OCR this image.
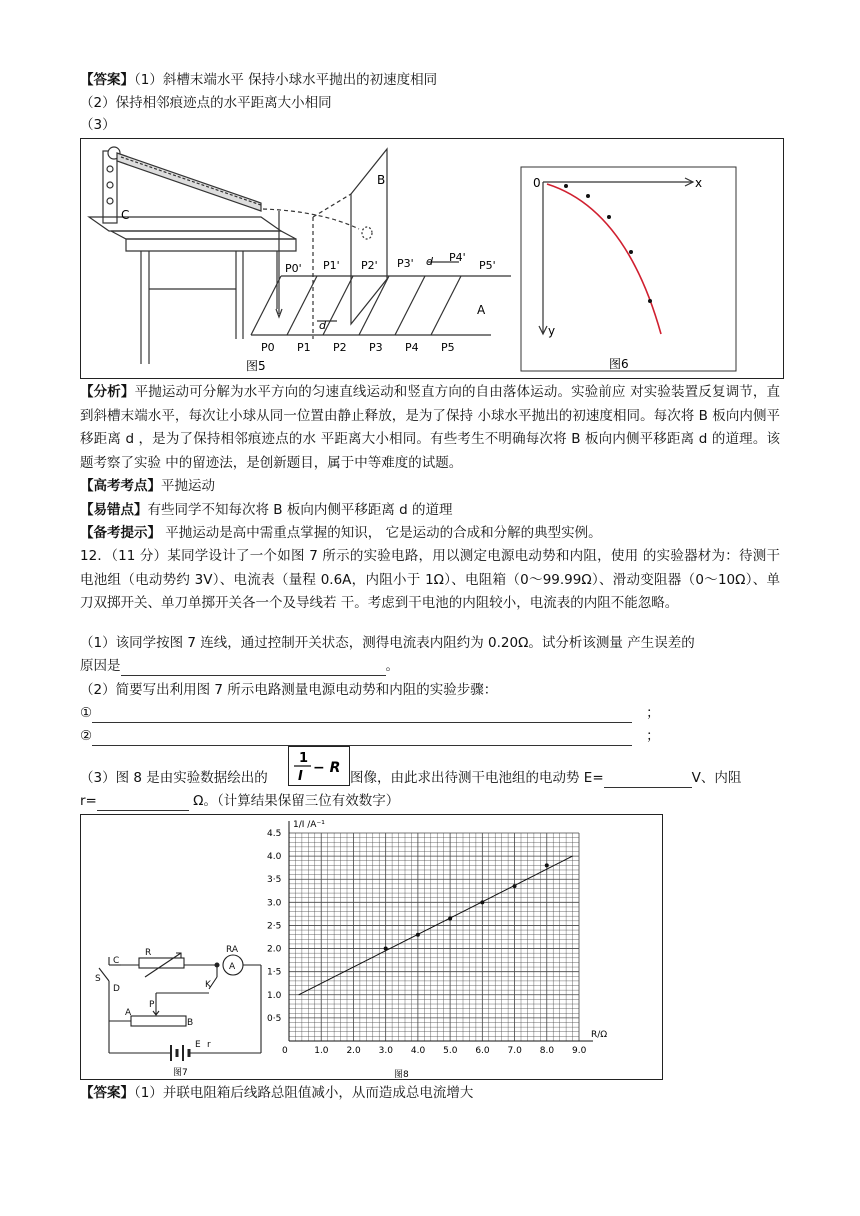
【答案】（1）斜槽末端水平 保持小球水平抛出的初速度相同
（2）保持相邻痕迹点的水平距离大小相同
（3）
B
C
A
d
d
P0' P1' P2' P3'	P4'
P5'
P0 P1 P2 P3 P4 P5
图5
0	x
y
图6
【分析】平抛运动可分解为水平方向的匀速直线运动和竖直方向的自由落体运动。实验前应 对实验装置反复调节，直到斜槽末端水平，每次让小球从同一位置由静止释放，是为了保持 小球水平抛出的初速度相同。每次将 B 板向内侧平移距离 d ，是为了保持相邻痕迹点的水 平距离大小相同。有些考生不明确每次将 B 板向内侧平移距离 d 的道理。该题考察了实验 中的留迹法，是创新题目，属于中等难度的试题。
【高考考点】平抛运动
【易错点】有些同学不知每次将 B 板向内侧平移距离 d 的道理
【备考提示】 平抛运动是高中需重点掌握的知识， 它是运动的合成和分解的典型实例。
12．（11 分）某同学设计了一个如图 7 所示的实验电路，用以测定电源电动势和内阻，使用 的实验器材为：待测干电池组（电动势约 3V）、电流表（量程 0.6A，内阻小于 1Ω）、电阻箱（0～99.99Ω）、滑动变阻器（0～10Ω）、单刀双掷开关、单刀单掷开关各一个及导线若 干。考虑到干电池的内阻较小，电流表的内阻不能忽略。
（1）该同学按图 7 连线，通过控制开关状态，测得电流表内阻约为 0.20Ω。试分析该测量 产生误差的
原因是	。
（2）简要写出利用图 7 所示电路测量电源电动势和内阻的实验步骤：
①	；
②	；
（3）图 8 是由实验数据绘出的
1
I
− R
图像，由此求出待测干电池组的电动势 E=	V、内阻
r=	Ω。（计算结果保留三位有效数字）
S
C
D
R	RA
A
K
P
A
B
E r
图7
0	1.0 2.0 3.0 4.0 5.0 6.0 7.0 8.0 9.0
0·5
1.0
1·5
2.0
2·5
3.0
3·5
4.0
4.5
图8
R/Ω
1/I /A⁻¹
【答案】（1）并联电阻箱后线路总阻值减小，从而造成总电流增大
